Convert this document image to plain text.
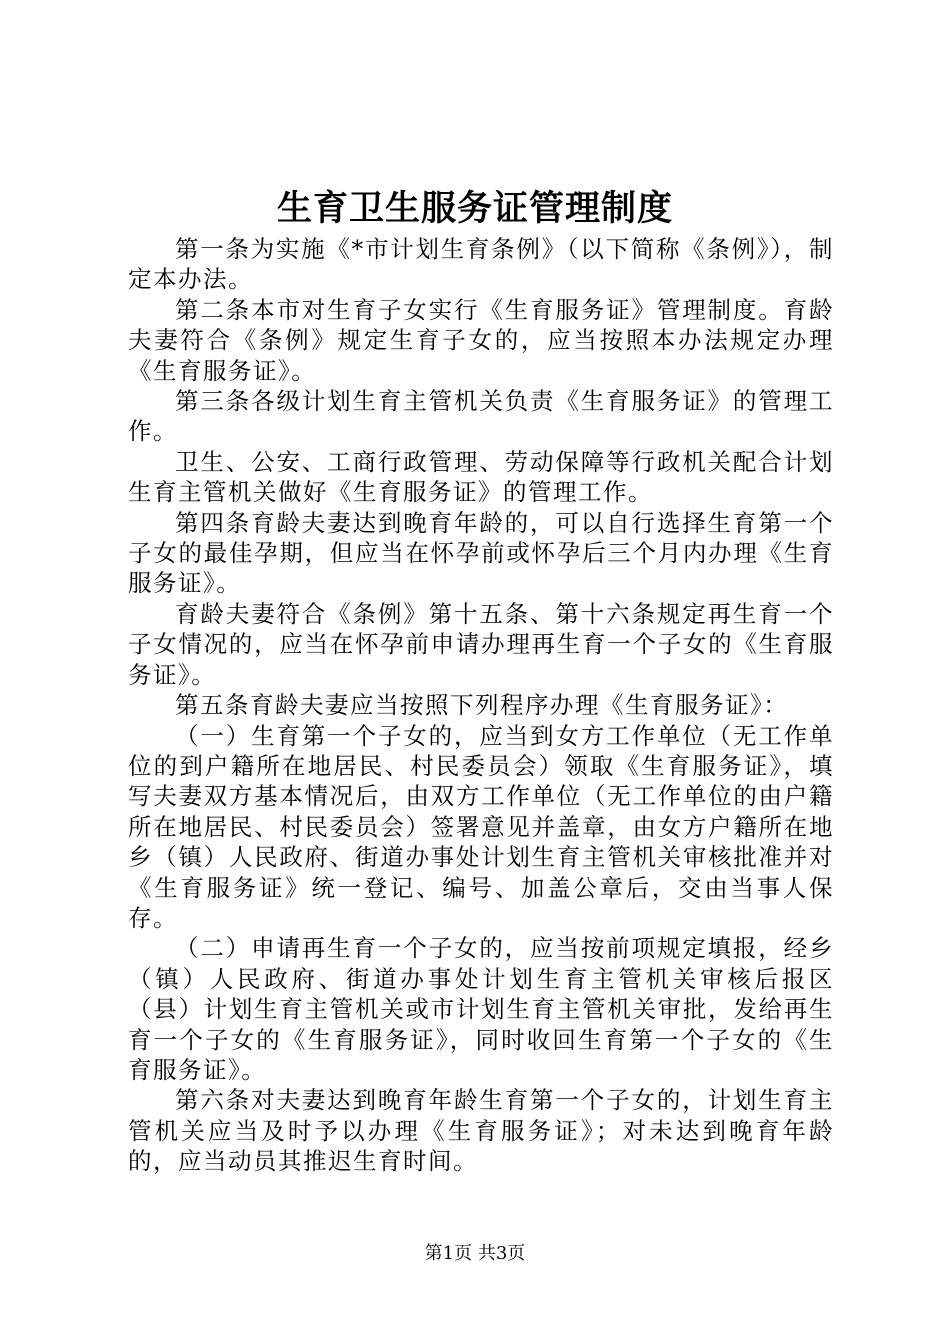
生育卫生服务证管理制度

第一条为实施《*市计划生育条例》（以下简称《条例》），制定本办法。

第二条本市对生育子女实行《生育服务证》管理制度。育龄夫妻符合《条例》规定生育子女的，应当按照本办法规定办理《生育服务证》。

第三条各级计划生育主管机关负责《生育服务证》的管理工作。

卫生、公安、工商行政管理、劳动保障等行政机关配合计划生育主管机关做好《生育服务证》的管理工作。

第四条育龄夫妻达到晚育年龄的，可以自行选择生育第一个子女的最佳孕期，但应当在怀孕前或怀孕后三个月内办理《生育服务证》。

育龄夫妻符合《条例》第十五条、第十六条规定再生育一个子女情况的，应当在怀孕前申请办理再生育一个子女的《生育服务证》。

第五条育龄夫妻应当按照下列程序办理《生育服务证》：

（一）生育第一个子女的，应当到女方工作单位（无工作单位的到户籍所在地居民、村民委员会）领取《生育服务证》，填写夫妻双方基本情况后，由双方工作单位（无工作单位的由户籍所在地居民、村民委员会）签署意见并盖章，由女方户籍所在地乡（镇）人民政府、街道办事处计划生育主管机关审核批准并对《生育服务证》统一登记、编号、加盖公章后，交由当事人保存。

（二）申请再生育一个子女的，应当按前项规定填报，经乡（镇）人民政府、街道办事处计划生育主管机关审核后报区（县）计划生育主管机关或市计划生育主管机关审批，发给再生育一个子女的《生育服务证》，同时收回生育第一个子女的《生育服务证》。

第六条对夫妻达到晚育年龄生育第一个子女的，计划生育主管机关应当及时予以办理《生育服务证》；对未达到晚育年龄的，应当动员其推迟生育时间。

第1页 共3页
